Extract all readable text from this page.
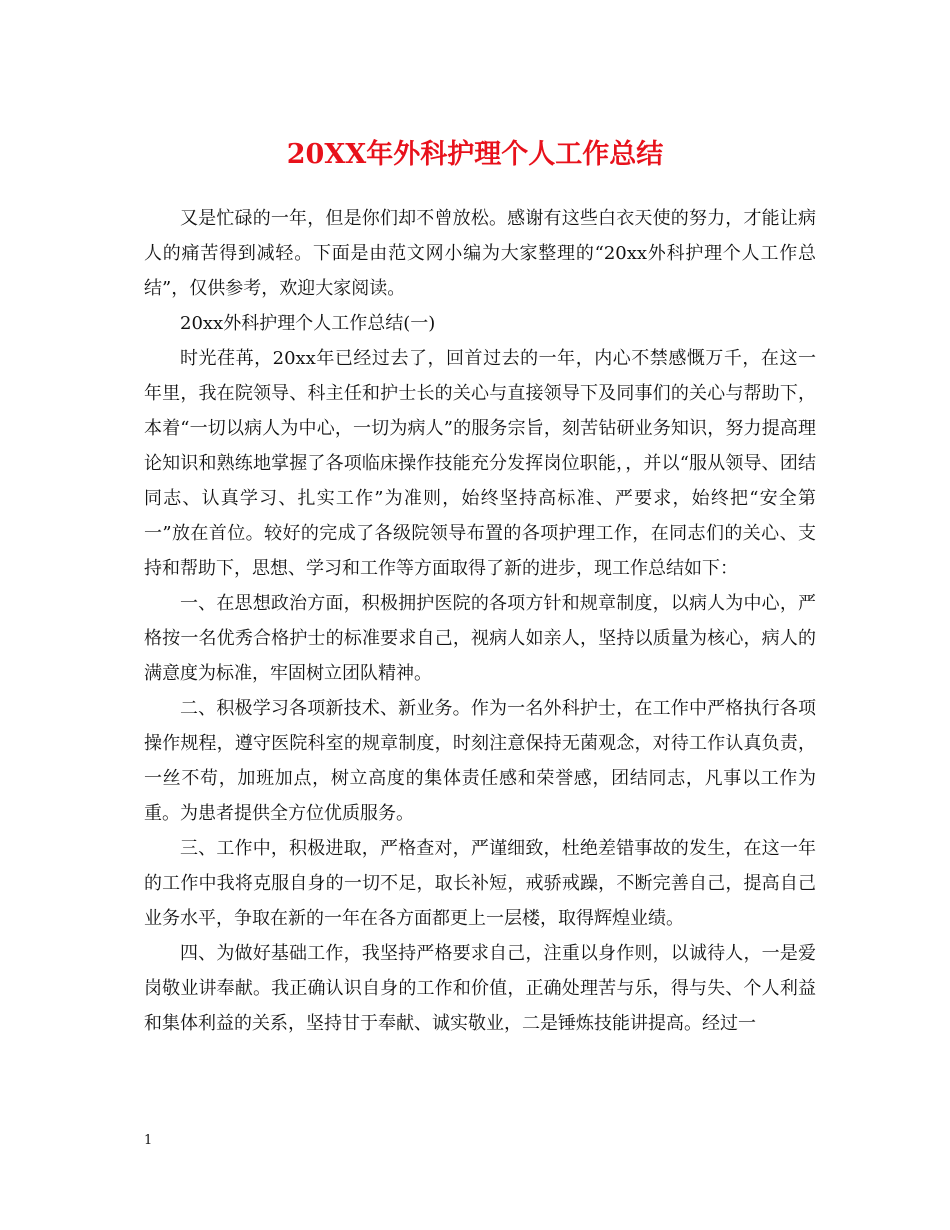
20XX年外科护理个人工作总结

又是忙碌的一年，但是你们却不曾放松。感谢有这些白衣天使的努力，才能让病人的痛苦得到减轻。下面是由范文网小编为大家整理的“20xx外科护理个人工作总结”，仅供参考，欢迎大家阅读。

20xx外科护理个人工作总结(一)

时光荏苒，20xx年已经过去了，回首过去的一年，内心不禁感慨万千，在这一年里，我在院领导、科主任和护士长的关心与直接领导下及同事们的关心与帮助下，本着“一切以病人为中心，一切为病人”的服务宗旨，刻苦钻研业务知识，努力提高理论知识和熟练地掌握了各项临床操作技能充分发挥岗位职能，，并以“服从领导、团结同志、认真学习、扎实工作”为准则，始终坚持高标准、严要求，始终把“安全第一”放在首位。较好的完成了各级院领导布置的各项护理工作，在同志们的关心、支持和帮助下，思想、学习和工作等方面取得了新的进步，现工作总结如下：

一、在思想政治方面，积极拥护医院的各项方针和规章制度，以病人为中心，严格按一名优秀合格护士的标准要求自己，视病人如亲人，坚持以质量为核心，病人的满意度为标准，牢固树立团队精神。

二、积极学习各项新技术、新业务。作为一名外科护士，在工作中严格执行各项操作规程，遵守医院科室的规章制度，时刻注意保持无菌观念，对待工作认真负责，一丝不苟，加班加点，树立高度的集体责任感和荣誉感，团结同志，凡事以工作为重。为患者提供全方位优质服务。

三、工作中，积极进取，严格查对，严谨细致，杜绝差错事故的发生，在这一年的工作中我将克服自身的一切不足，取长补短，戒骄戒躁，不断完善自己，提高自己业务水平，争取在新的一年在各方面都更上一层楼，取得辉煌业绩。

四、为做好基础工作，我坚持严格要求自己，注重以身作则，以诚待人，一是爱岗敬业讲奉献。我正确认识自身的工作和价值，正确处理苦与乐，得与失、个人利益和集体利益的关系，坚持甘于奉献、诚实敬业，二是锤炼技能讲提高。经过一

1
